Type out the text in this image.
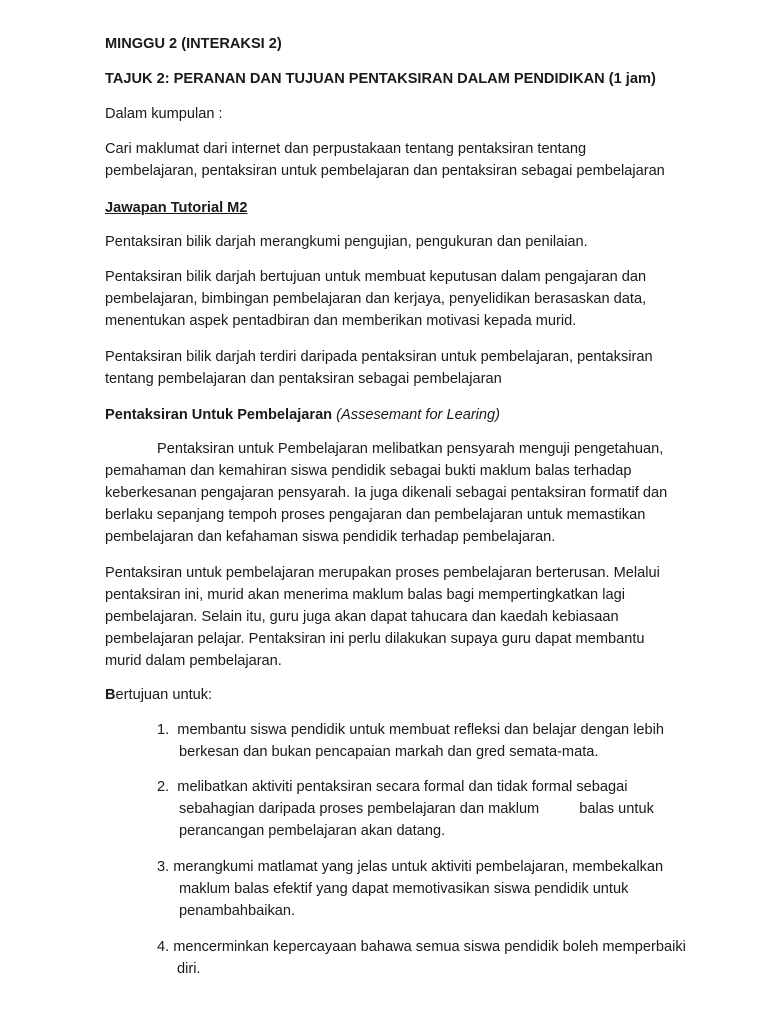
MINGGU 2 (INTERAKSI 2)

TAJUK 2: PERANAN DAN TUJUAN PENTAKSIRAN DALAM PENDIDIKAN (1 jam)

Dalam kumpulan :

Cari maklumat dari internet dan perpustakaan tentang pentaksiran tentang
pembelajaran, pentaksiran untuk pembelajaran dan pentaksiran sebagai pembelajaran

Jawapan Tutorial M2

Pentaksiran bilik darjah merangkumi pengujian, pengukuran dan penilaian.

Pentaksiran bilik darjah bertujuan untuk membuat keputusan dalam pengajaran dan
pembelajaran, bimbingan pembelajaran dan kerjaya, penyelidikan berasaskan data,
menentukan aspek pentadbiran dan memberikan motivasi kepada murid.

Pentaksiran bilik darjah terdiri daripada pentaksiran untuk pembelajaran, pentaksiran
tentang pembelajaran dan pentaksiran sebagai pembelajaran

Pentaksiran Untuk Pembelajaran (Assesemant for Learing)

Pentaksiran untuk Pembelajaran melibatkan pensyarah menguji pengetahuan,
pemahaman dan kemahiran siswa pendidik sebagai bukti maklum balas terhadap
keberkesanan pengajaran pensyarah. Ia juga dikenali sebagai pentaksiran formatif dan
berlaku sepanjang tempoh proses pengajaran dan pembelajaran untuk memastikan
pembelajaran dan kefahaman siswa pendidik terhadap pembelajaran.

Pentaksiran untuk pembelajaran merupakan proses pembelajaran berterusan. Melalui
pentaksiran ini, murid akan menerima maklum balas bagi mempertingkatkan lagi
pembelajaran. Selain itu, guru juga akan dapat tahucara dan kaedah kebiasaan
pembelajaran pelajar. Pentaksiran ini perlu dilakukan supaya guru dapat membantu
murid dalam pembelajaran.

Bertujuan untuk:

1. membantu siswa pendidik untuk membuat refleksi dan belajar dengan lebih
berkesan dan bukan pencapaian markah dan gred semata-mata.
2. melibatkan aktiviti pentaksiran secara formal dan tidak formal sebagai
sebahagian daripada proses pembelajaran dan maklum	balas untuk
perancangan pembelajaran akan datang.
3. merangkumi matlamat yang jelas untuk aktiviti pembelajaran, membekalkan
maklum balas efektif yang dapat memotivasikan siswa pendidik untuk
penambahbaikan.
4. mencerminkan kepercayaan bahawa semua siswa pendidik boleh memperbaiki
diri.
